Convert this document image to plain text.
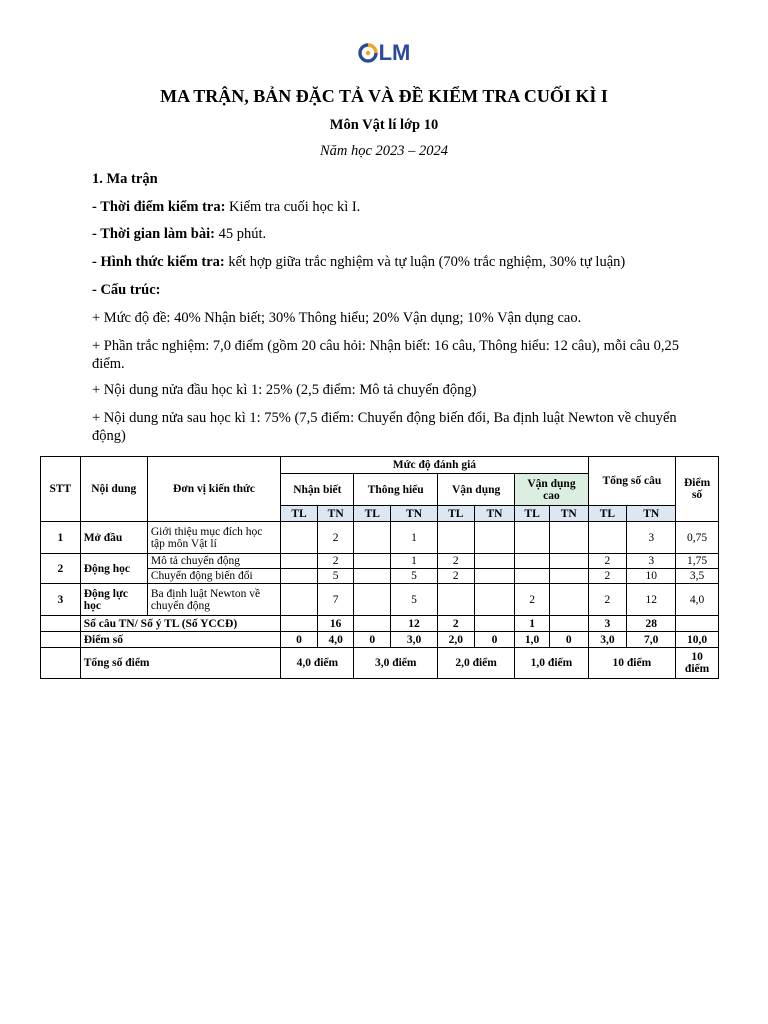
LM
MA TRẬN, BẢN ĐẶC TẢ VÀ ĐỀ KIỂM TRA CUỐI KÌ I
Môn Vật lí lớp 10
Năm học 2023 – 2024

1. Ma trận

- Thời điểm kiểm tra: Kiểm tra cuối học kì I.

- Thời gian làm bài: 45 phút.

- Hình thức kiểm tra: kết hợp giữa trắc nghiệm và tự luận (70% trắc nghiệm, 30% tự luận)

- Cấu trúc:

+ Mức độ đề: 40% Nhận biết; 30% Thông hiểu; 20% Vận dụng; 10% Vận dụng cao.

+ Phần trắc nghiệm: 7,0 điểm (gồm 20 câu hỏi: Nhận biết: 16 câu, Thông hiểu: 12 câu), mỗi câu 0,25 điểm.

+ Nội dung nửa đầu học kì 1: 25% (2,5 điểm: Mô tả chuyển động)

+ Nội dung nửa sau học kì 1: 75% (7,5 điểm: Chuyển động biến đổi, Ba định luật Newton về chuyển động)

STT	Nội dung	Đơn vị kiến thức	Mức độ đánh giá								Tổng số câu		Điểm số
			Nhận biết		Thông hiểu		Vận dụng		Vận dụng cao				
			TL	TN	TL	TN	TL	TN	TL	TN	TL	TN	
1	Mở đầu	Giới thiệu mục đích học tập môn Vật lí		2		1						3	0,75
2	Động học	Mô tả chuyển động		2		1	2				2	3	1,75
		Chuyển động biến đổi		5		5	2				2	10	3,5
3	Động lực học	Ba định luật Newton về chuyển động		7		5			2		2	12	4,0
	Số câu TN/ Số ý TL (Số YCCĐ)			16		12	2		1		3	28	
	Điểm số		0	4,0	0	3,0	2,0	0	1,0	0	3,0	7,0	10,0
	Tổng số điểm		4,0 điểm		3,0 điểm		2,0 điểm		1,0 điểm		10 điểm		10 điểm
